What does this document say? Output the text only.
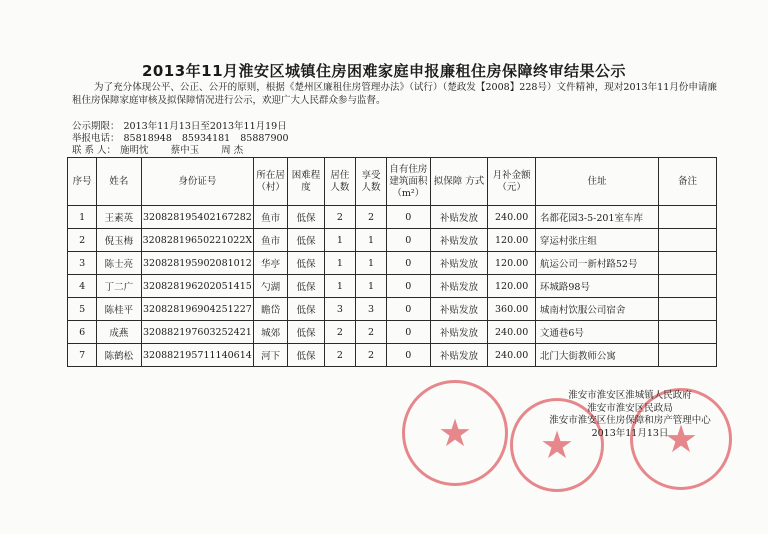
2013年11月淮安区城镇住房困难家庭申报廉租住房保障终审结果公示
为了充分体现公平、公正、公开的原则，根据《楚州区廉租住房管理办法》（试行）（楚政发【2008】228号）文件精神，现对2013年11月份申请廉租住房保障家庭审核及拟保障情况进行公示，欢迎广大人民群众参与监督。
公示期限： 2013年11月13日至2013年11月19日
举报电话： 85818948 85934181 85887900
联 系 人： 施明忱 蔡中玉 周 杰
序号	姓名	身份证号	所在居（村）	困难程度	居住人数	享受人数	自有住房建筑面积（m²）	拟保障 方式	月补金额（元）	住址	备注
1	王素英	320828195402167282	鱼市	低保	2	2	0	补贴发放	240.00	名都花园3-5-201室车库	
2	倪玉梅	32082819650221022X	鱼市	低保	1	1	0	补贴发放	120.00	穿运村张庄组	
3	陈士亮	320828195902081012	华亭	低保	1	1	0	补贴发放	120.00	航运公司一新村路52号	
4	丁二广	320828196202051415	勺湖	低保	1	1	0	补贴发放	120.00	环城路98号	
5	陈桂平	320828196904251227	瞻岱	低保	3	3	0	补贴发放	360.00	城南村饮服公司宿舍	
6	成燕	320882197603252421	城郊	低保	2	2	0	补贴发放	240.00	文通巷6号	
7	陈鹤松	320882195711140614	河下	低保	2	2	0	补贴发放	240.00	北门大街教师公寓	
★	★	★
淮安市淮安区淮城镇人民政府
淮安市淮安区民政局
淮安市淮安区住房保障和房产管理中心
2013年11月13日
